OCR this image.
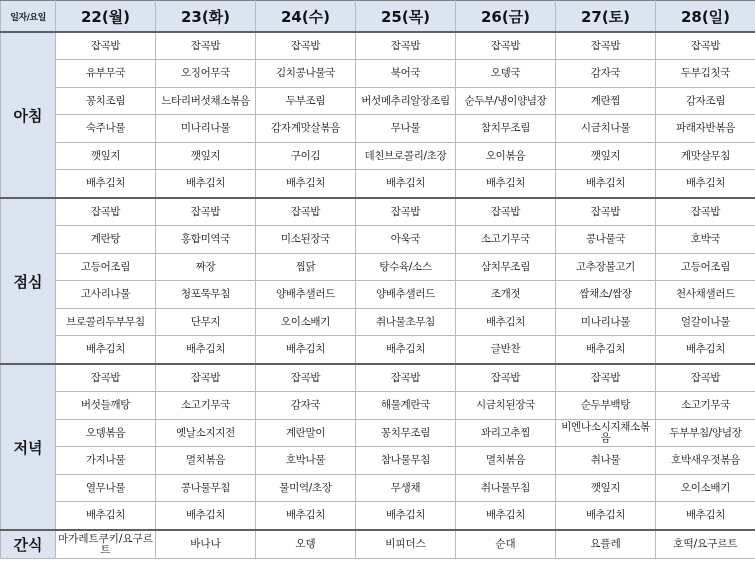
일자/요일	22(월)	23(화)	24(수)	25(목)	26(금)	27(토)	28(일)
아침	잡곡밥	잡곡밥	잡곡밥	잡곡밥	잡곡밥	잡곡밥	잡곡밥

	유부무국	오징어무국	김치콩나물국	북어국	오뎅국	감자국	두부김칫국

	꽁치조림	느타리버섯채소볶음	두부조림	버섯메추리알장조림	순두부/냉이양념장	계란찜	감자조림

	숙주나물	미나리나물	감자계맛살볶음	무나물	참치무조림	시금치나물	파래자반볶음

	깻잎지	깻잎지	구이김	데친브로콜리/초장	오이볶음	깻잎지	게맛살무침

	배추김치	배추김치	배추김치	배추김치	배추김치	배추김치	배추김치

점심	잡곡밥	잡곡밥	잡곡밥	잡곡밥	잡곡밥	잡곡밥	잡곡밥

	계란탕	홍합미역국	미소된장국	아욱국	소고기무국	콩나물국	호박국

	고등어조림	짜장	찜닭	탕수육/소스	삼치무조림	고추장불고기	고등어조림

	고사리나물	청포묵무침	양배추샐러드	양배추샐러드	조개젓	쌈채소/쌈장	천사채샐러드

	브로콜리두부무침	단무지	오이소배기	취나물초무침	배추김치	미나리나물	얼갈이나물

	배추김치	배추김치	배추김치	배추김치	글반찬	배추김치	배추김치

저녁	잡곡밥	잡곡밥	잡곡밥	잡곡밥	잡곡밥	잡곡밥	잡곡밥

	버섯들깨탕	소고기무국	감자국	해물계란국	시금치된장국	순두부백탕	소고기무국

	오뎅볶음	옛날소지지전	계란말이	꽁치무조림	꽈리고추찜	비엔나소시지채소볶음	두부부침/양념장

	가지나물	멸치볶음	호박나물	참나물무침	멸치볶음	취나물	호박새우젓볶음

	열무나물	콩나물무침	물미역/초장	무생채	취나물무침	깻잎지	오이소배기

	배추김치	배추김치	배추김치	배추김치	배추김치	배추김치	배추김치

간식	마가레트쿠키/요구르트	바나나	오뎅	비피더스	순대	요플레	호떡/요구르트
